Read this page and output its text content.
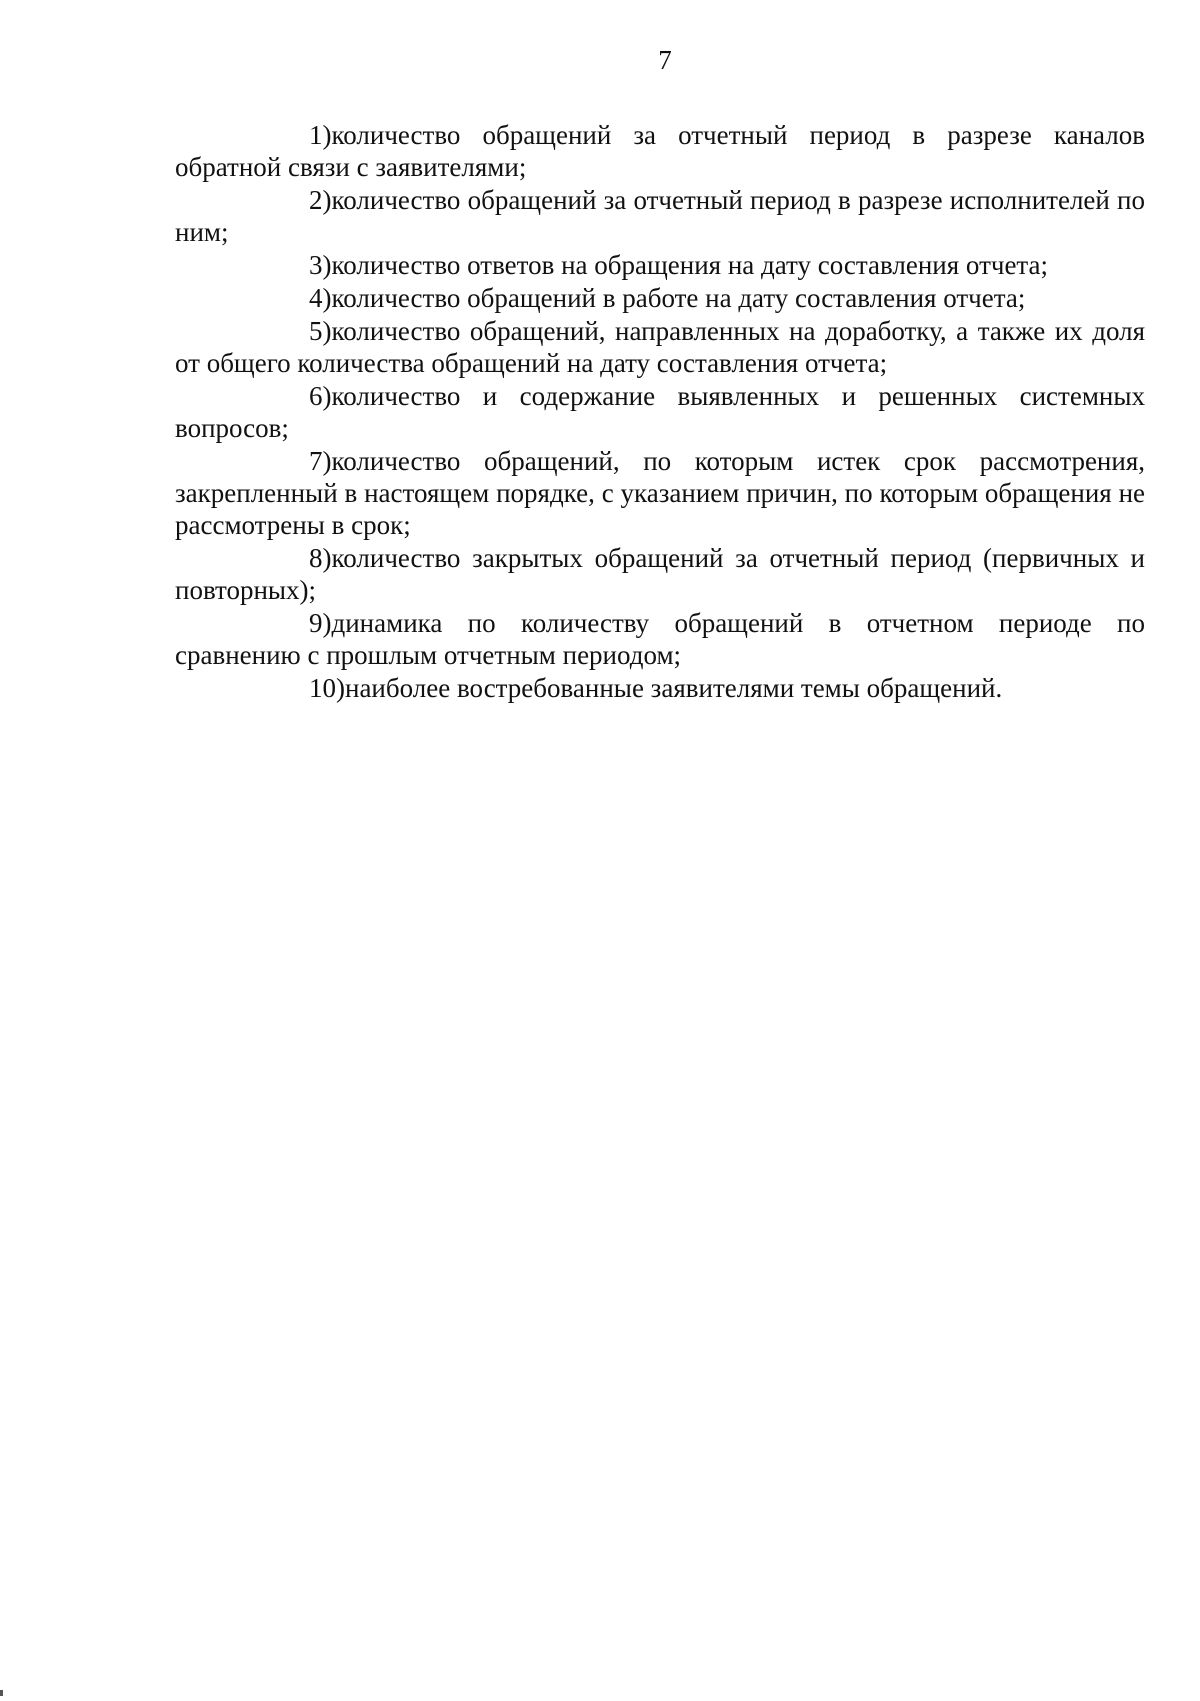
7

1)количество обращений за отчетный период в разрезе каналов обратной связи с заявителями;

2)количество обращений за отчетный период в разрезе исполнителей по ним;

3)количество ответов на обращения на дату составления отчета;

4)количество обращений в работе на дату составления отчета;

5)количество обращений, направленных на доработку, а также их доля от общего количества обращений на дату составления отчета;

6)количество и содержание выявленных и решенных системных вопросов;

7)количество обращений, по которым истек срок рассмотрения, закрепленный в настоящем порядке, с указанием причин, по которым обращения не рассмотрены в срок;

8)количество закрытых обращений за отчетный период (первичных и повторных);

9)динамика по количеству обращений в отчетном периоде по сравнению с прошлым отчетным периодом;

10)наиболее востребованные заявителями темы обращений.
